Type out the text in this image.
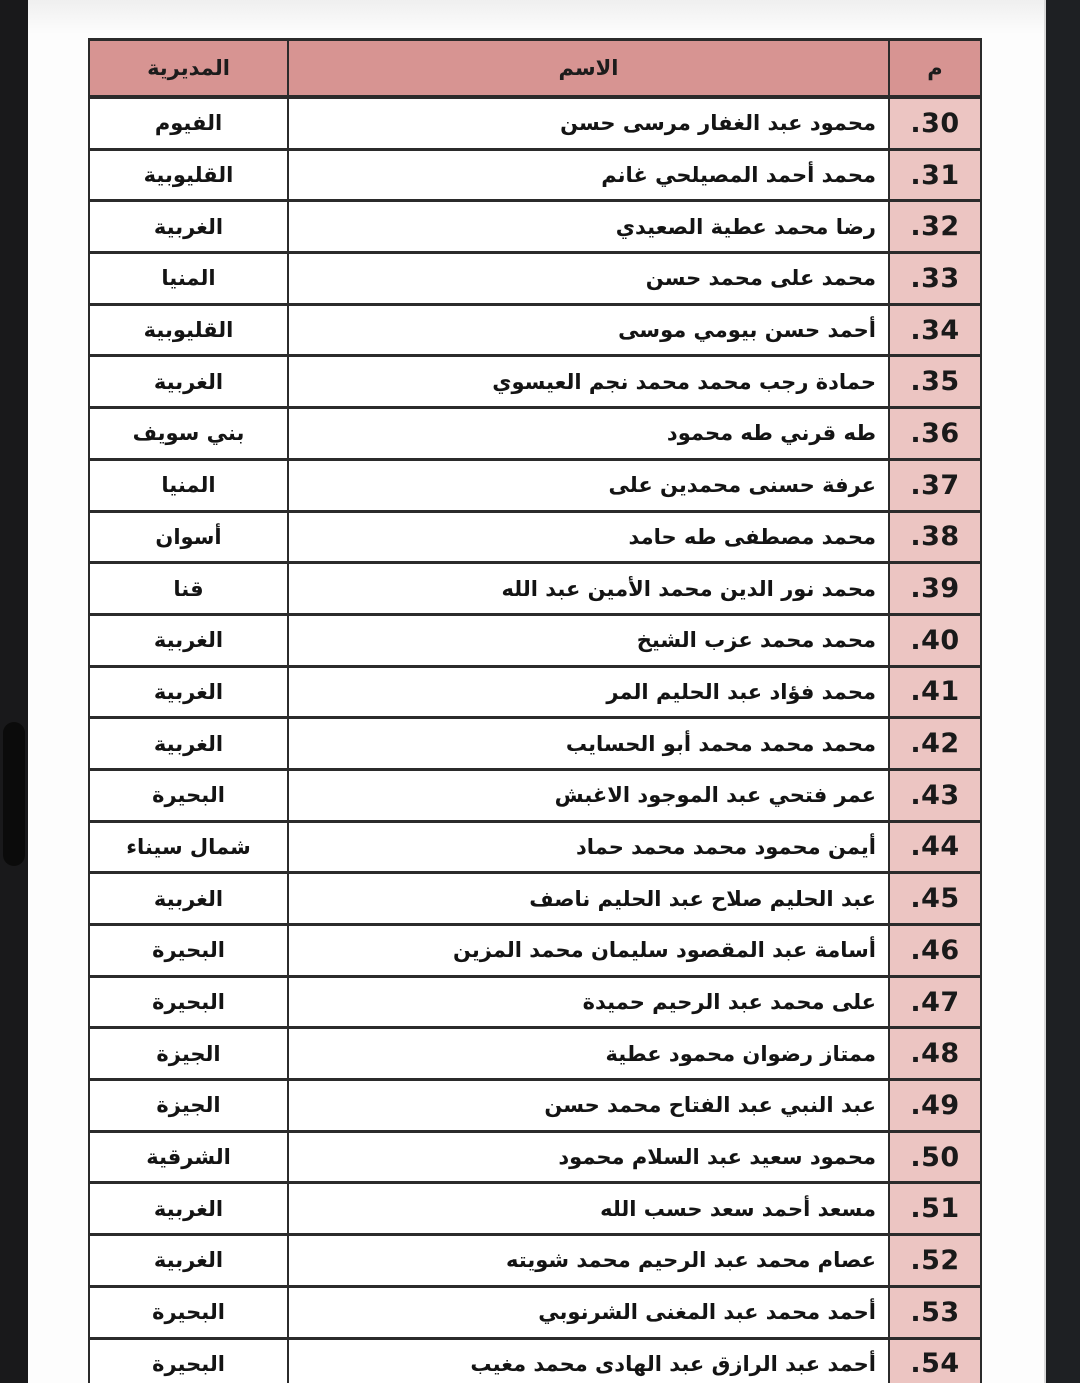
م	الاسم	المديرية
.30	محمود عبد الغفار مرسى حسن	الفيوم
.31	محمد أحمد المصيلحي غانم	القليوبية
.32	رضا محمد عطية الصعيدي	الغربية
.33	محمد على محمد حسن	المنيا
.34	أحمد حسن بيومي موسى	القليوبية
.35	حمادة رجب محمد محمد نجم العيسوي	الغربية
.36	طه قرني طه محمود	بني سويف
.37	عرفة حسنى محمدين على	المنيا
.38	محمد مصطفى طه حامد	أسوان
.39	محمد نور الدين محمد الأمين عبد الله	قنا
.40	محمد محمد عزب الشيخ	الغربية
.41	محمد فؤاد عبد الحليم المر	الغربية
.42	محمد محمد محمد أبو الحسايب	الغربية
.43	عمر فتحي عبد الموجود الاغبش	البحيرة
.44	أيمن محمود محمد محمد حماد	شمال سيناء
.45	عبد الحليم صلاح عبد الحليم ناصف	الغربية
.46	أسامة عبد المقصود سليمان محمد المزين	البحيرة
.47	على محمد عبد الرحيم حميدة	البحيرة
.48	ممتاز رضوان محمود عطية	الجيزة
.49	عبد النبي عبد الفتاح محمد حسن	الجيزة
.50	محمود سعيد عبد السلام محمود	الشرقية
.51	مسعد أحمد سعد حسب الله	الغربية
.52	عصام محمد عبد الرحيم محمد شويته	الغربية
.53	أحمد محمد عبد المغنى الشرنوبي	البحيرة
.54	أحمد عبد الرازق عبد الهادى محمد مغيب	البحيرة
